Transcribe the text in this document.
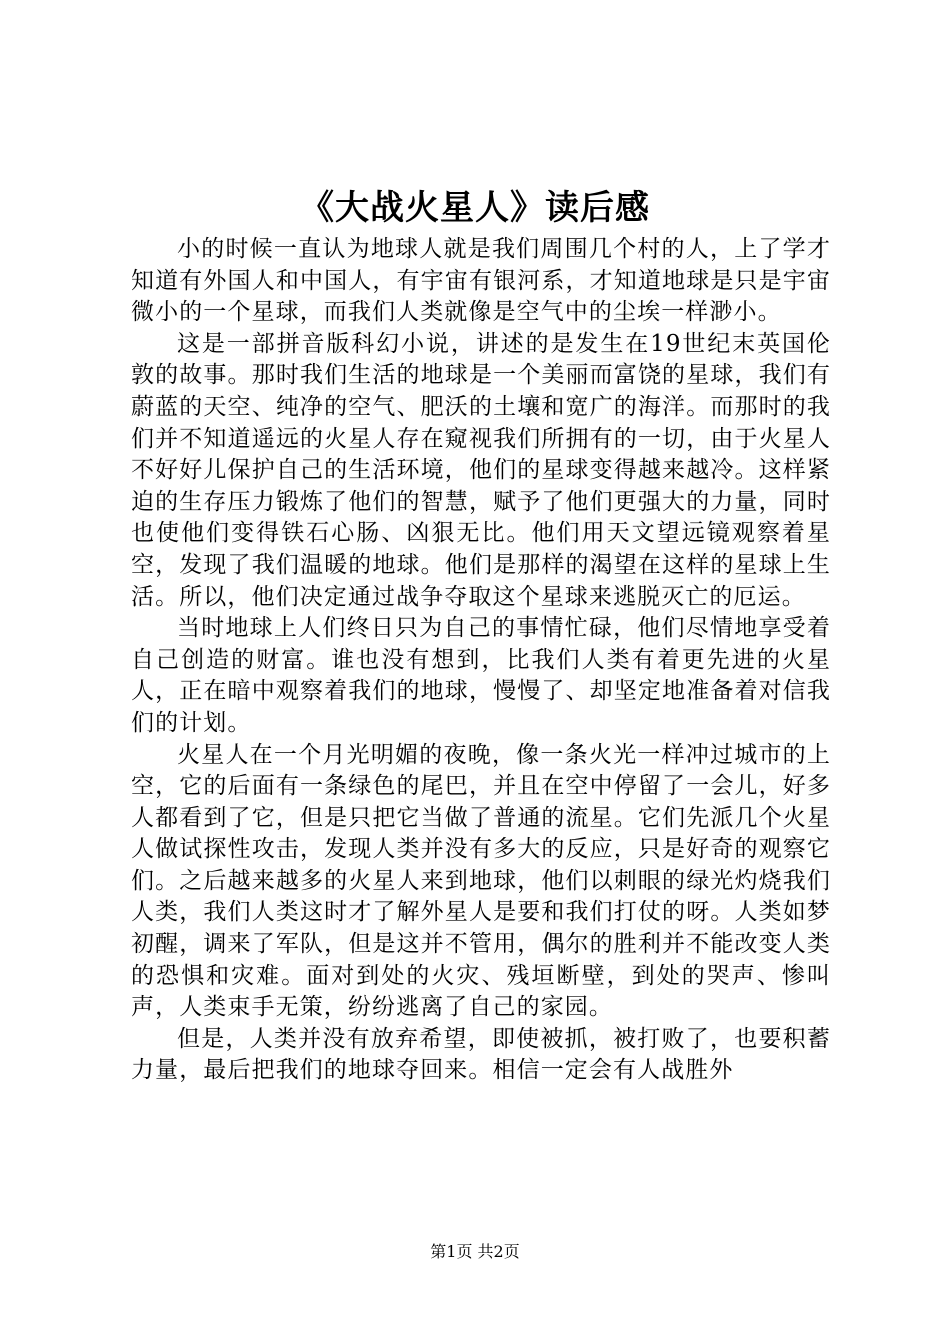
《大战火星人》读后感

小的时候一直认为地球人就是我们周围几个村的人，上了学才知道有外国人和中国人，有宇宙有银河系，才知道地球是只是宇宙微小的一个星球，而我们人类就像是空气中的尘埃一样渺小。

这是一部拼音版科幻小说，讲述的是发生在19世纪末英国伦敦的故事。那时我们生活的地球是一个美丽而富饶的星球，我们有蔚蓝的天空、纯净的空气、肥沃的土壤和宽广的海洋。而那时的我们并不知道遥远的火星人存在窥视我们所拥有的一切，由于火星人不好好儿保护自己的生活环境，他们的星球变得越来越冷。这样紧迫的生存压力锻炼了他们的智慧，赋予了他们更强大的力量，同时也使他们变得铁石心肠、凶狠无比。他们用天文望远镜观察着星空，发现了我们温暖的地球。他们是那样的渴望在这样的星球上生活。所以，他们决定通过战争夺取这个星球来逃脱灭亡的厄运。

当时地球上人们终日只为自己的事情忙碌，他们尽情地享受着自己创造的财富。谁也没有想到，比我们人类有着更先进的火星人，正在暗中观察着我们的地球，慢慢了、却坚定地准备着对信我们的计划。

火星人在一个月光明媚的夜晚，像一条火光一样冲过城市的上空，它的后面有一条绿色的尾巴，并且在空中停留了一会儿，好多人都看到了它，但是只把它当做了普通的流星。它们先派几个火星人做试探性攻击，发现人类并没有多大的反应，只是好奇的观察它们。之后越来越多的火星人来到地球，他们以刺眼的绿光灼烧我们人类，我们人类这时才了解外星人是要和我们打仗的呀。人类如梦初醒，调来了军队，但是这并不管用，偶尔的胜利并不能改变人类的恐惧和灾难。面对到处的火灾、残垣断壁，到处的哭声、惨叫声，人类束手无策，纷纷逃离了自己的家园。

但是，人类并没有放弃希望，即使被抓，被打败了，也要积蓄力量，最后把我们的地球夺回来。相信一定会有人战胜外

第1页 共2页
